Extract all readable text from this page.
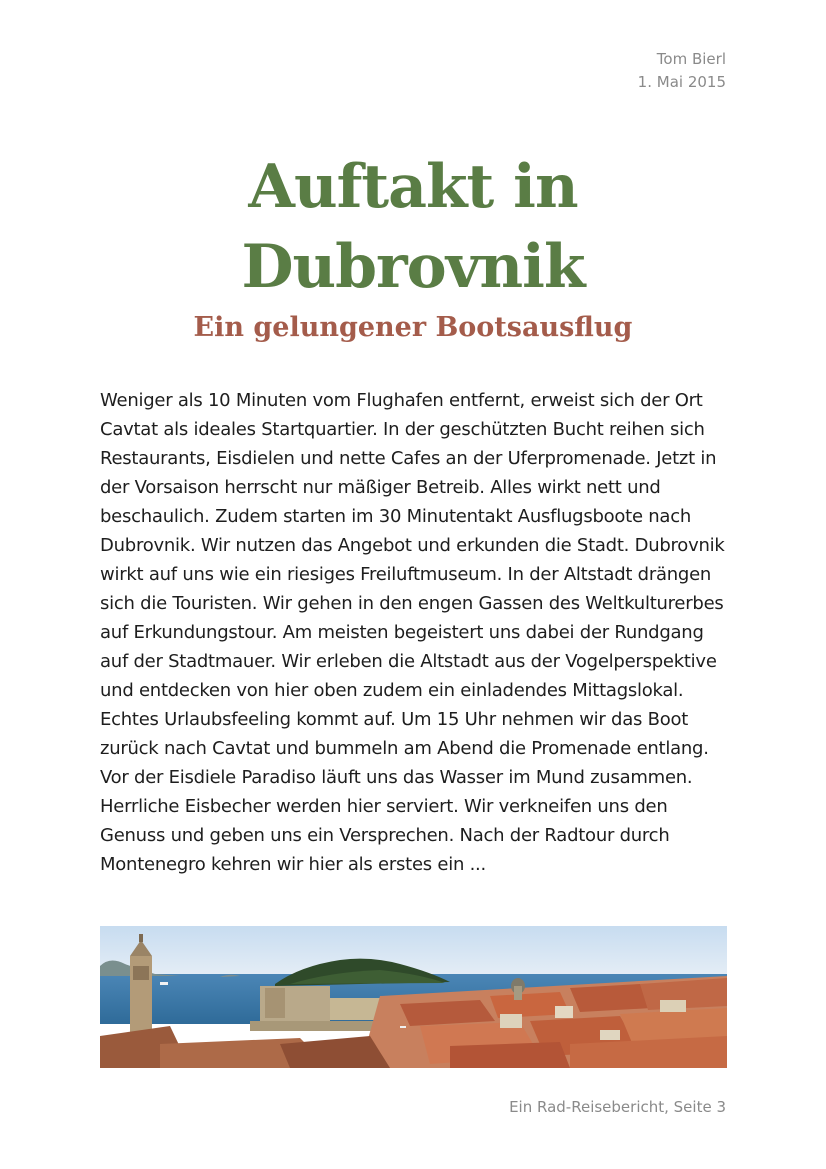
Tom Bierl
1. Mai 2015
Auftakt in
Dubrovnik
Ein gelungener Bootsausflug

Weniger als 10 Minuten vom Flughafen entfernt, erweist sich der Ort Cavtat als ideales Startquartier. In der geschützten Bucht reihen sich Restaurants, Eisdielen und nette Cafes an der Uferpromenade. Jetzt in der Vorsaison herrscht nur mäßiger Betreib. Alles wirkt nett und beschaulich. Zudem starten im 30 Minutentakt Ausflugsboote nach Dubrovnik. Wir nutzen das Angebot und erkunden die Stadt. Dubrovnik wirkt auf uns wie ein riesiges Freiluftmuseum. In der Altstadt drängen sich die Touristen. Wir gehen in den engen Gassen des Weltkulturerbes auf Erkundungstour. Am meisten begeistert uns dabei der Rundgang auf der Stadtmauer. Wir erleben die Altstadt aus der Vogelperspektive und entdecken von hier oben zudem ein einladendes Mittagslokal. Echtes Urlaubsfeeling kommt auf. Um 15 Uhr nehmen wir das Boot zurück nach Cavtat und bummeln am Abend die Promenade entlang. Vor der Eisdiele Paradiso läuft uns das Wasser im Mund zusammen. Herrliche Eisbecher werden hier serviert. Wir verkneifen uns den Genuss und geben uns ein Versprechen. Nach der Radtour durch Montenegro kehren wir hier als erstes ein ...

Ein Rad-Reisebericht, Seite 3
